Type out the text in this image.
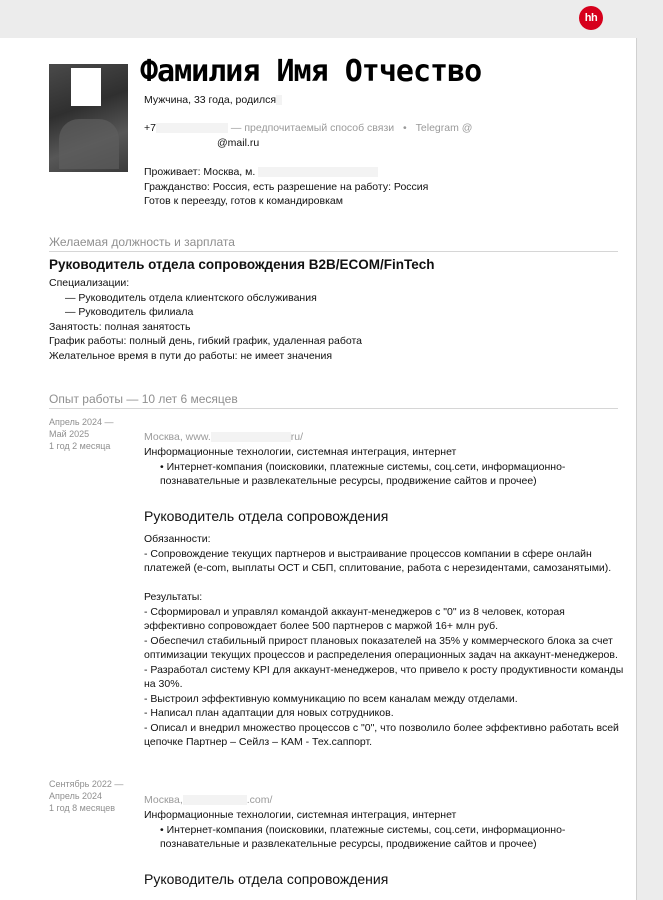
hh
Фамилия Имя Отчество
Мужчина, 33 года, родился
+7	— предпочитаемый способ связи • Telegram @
@mail.ru
Проживает: Москва, м.
Гражданство: Россия, есть разрешение на работу: Россия
Готов к переезду, готов к командировкам
Желаемая должность и зарплата
Руководитель отдела сопровождения B2B/ECOM/FinTech
Специализации:
— Руководитель отдела клиентского обслуживания
— Руководитель филиала
Занятость: полная занятость
График работы: полный день, гибкий график, удаленная работа
Желательное время в пути до работы: не имеет значения
Опыт работы — 10 лет 6 месяцев
Апрель 2024 —
Май 2025
1 год 2 месяца
Москва, www.	ru/
Информационные технологии, системная интеграция, интернет
• Интернет-компания (поисковики, платежные системы, соц.сети, информационно-познавательные и развлекательные ресурсы, продвижение сайтов и прочее)
Руководитель отдела сопровождения
Обязанности:
- Сопровождение текущих партнеров и выстраивание процессов компании в сфере онлайн платежей (e-com, выплаты ОСТ и СБП, сплитование, работа с нерезидентами, самозанятыми).
Результаты:
- Сформировал и управлял командой аккаунт-менеджеров с "0" из 8 человек, которая эффективно сопровождает более 500 партнеров с маржой 16+ млн руб.
- Обеспечил стабильный прирост плановых показателей на 35% у коммерческого блока за счет оптимизации текущих процессов и распределения операционных задач на аккаунт-менеджеров.
- Разработал систему KPI для аккаунт-менеджеров, что привело к росту продуктивности команды на 30%.
- Выстроил эффективную коммуникацию по всем каналам между отделами.
- Написал план адаптации для новых сотрудников.
- Описал и внедрил множество процессов с "0", что позволило более эффективно работать всей цепочке Партнер – Сейлз – КАМ - Тех.саппорт.
Сентябрь 2022 —
Апрель 2024
1 год 8 месяцев
Москва,	.com/
Информационные технологии, системная интеграция, интернет
• Интернет-компания (поисковики, платежные системы, соц.сети, информационно-познавательные и развлекательные ресурсы, продвижение сайтов и прочее)
Руководитель отдела сопровождения
